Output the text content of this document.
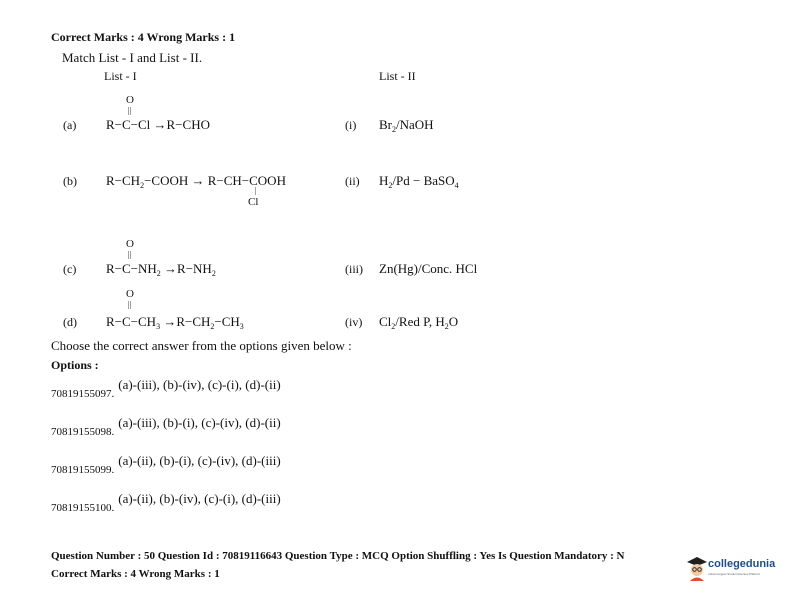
Correct Marks : 4 Wrong Marks : 1
Match List - I and List - II.
List - I	List - II
(a)
O
||
R−C−Cl →R−CHO
(b) $R-CH_2-COOH$ → R−CH−COOH
|
Cl
(c)
O
||
$R-C-NH_2 \to R-NH_2$
(d)
O
||
$R-C-CH_3 \to R-CH_2-CH_3$
(i) $Br_2$/NaOH
(ii) $H_2/Pd$ − BaSO$_4$
(iii) Zn(Hg)/Conc. HCl
(iv) $Cl_2$/Red P, $H_2O$
Choose the correct answer from the options given below :
Options :
$_{70819155097.}$ (a)-(iii), (b)-(iv), (c)-(i), (d)-(ii)
$_{70819155098.}$ (a)-(iii), (b)-(i), (c)-(iv), (d)-(ii)
$_{70819155099.}$ (a)-(ii), (b)-(i), (c)-(iv), (d)-(iii)
$_{70819155100.}$ (a)-(ii), (b)-(iv), (c)-(i), (d)-(iii)
Question Number : 50 Question Id : 70819116643 Question Type : MCQ Option Shuffling : Yes Is Question Mandatory : N
Correct Marks : 4 Wrong Marks : 1
collegedunia
India's largest Student Review Platform
